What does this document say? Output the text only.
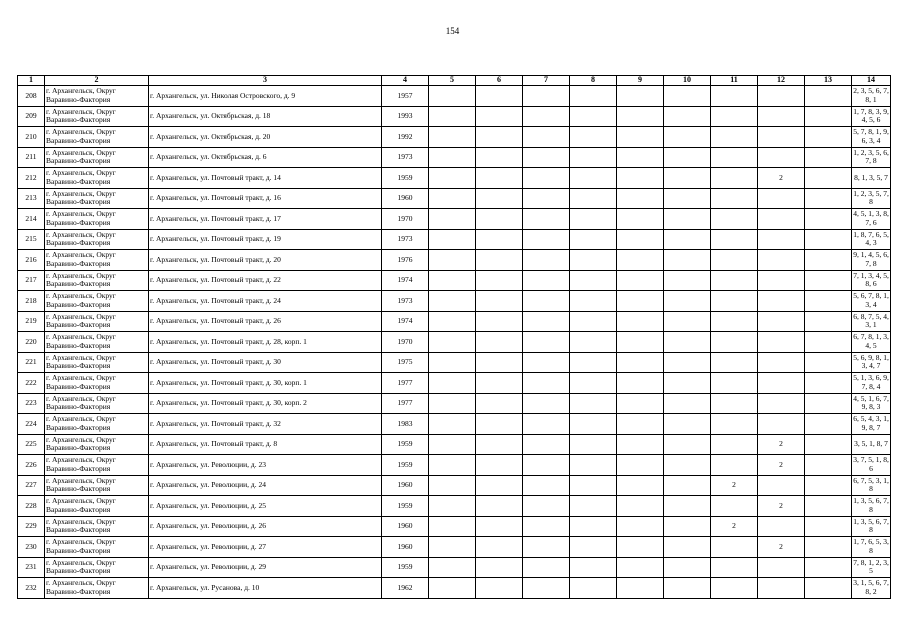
154
1	2	3	4	5	6	7	8	9	10	11	12	13	14
208	г. Архангельск, Округ Варавино-Фактория	г. Архангельск, ул. Николая Островского, д. 9	1957										2, 3, 5, 6, 7, 8, 1
209	г. Архангельск, Округ Варавино-Фактория	г. Архангельск, ул. Октябрьская, д. 18	1993										1, 7, 8, 3, 9, 4, 5, 6
210	г. Архангельск, Округ Варавино-Фактория	г. Архангельск, ул. Октябрьская, д. 20	1992										5, 7, 8, 1, 9, 6, 3, 4
211	г. Архангельск, Округ Варавино-Фактория	г. Архангельск, ул. Октябрьская, д. 6	1973										1, 2, 3, 5, 6, 7, 8
212	г. Архангельск, Округ Варавино-Фактория	г. Архангельск, ул. Почтовый тракт, д. 14	1959								2		8, 1, 3, 5, 7
213	г. Архангельск, Округ Варавино-Фактория	г. Архангельск, ул. Почтовый тракт, д. 16	1960										1, 2, 3, 5, 7, 8
214	г. Архангельск, Округ Варавино-Фактория	г. Архангельск, ул. Почтовый тракт, д. 17	1970										4, 5, 1, 3, 8, 7, 6
215	г. Архангельск, Округ Варавино-Фактория	г. Архангельск, ул. Почтовый тракт, д. 19	1973										1, 8, 7, 6, 5, 4, 3
216	г. Архангельск, Округ Варавино-Фактория	г. Архангельск, ул. Почтовый тракт, д. 20	1976										9, 1, 4, 5, 6, 7, 8
217	г. Архангельск, Округ Варавино-Фактория	г. Архангельск, ул. Почтовый тракт, д. 22	1974										7, 1, 3, 4, 5, 8, 6
218	г. Архангельск, Округ Варавино-Фактория	г. Архангельск, ул. Почтовый тракт, д. 24	1973										5, 6, 7, 8, 1, 3, 4
219	г. Архангельск, Округ Варавино-Фактория	г. Архангельск, ул. Почтовый тракт, д. 26	1974										6, 8, 7, 5, 4, 3, 1
220	г. Архангельск, Округ Варавино-Фактория	г. Архангельск, ул. Почтовый тракт, д. 28, корп. 1	1970										6, 7, 8, 1, 3, 4, 5
221	г. Архангельск, Округ Варавино-Фактория	г. Архангельск, ул. Почтовый тракт, д. 30	1975										5, 6, 9, 8, 1, 3, 4, 7
222	г. Архангельск, Округ Варавино-Фактория	г. Архангельск, ул. Почтовый тракт, д. 30, корп. 1	1977										5, 1, 3, 6, 9, 7, 8, 4
223	г. Архангельск, Округ Варавино-Фактория	г. Архангельск, ул. Почтовый тракт, д. 30, корп. 2	1977										4, 5, 1, 6, 7, 9, 8, 3
224	г. Архангельск, Округ Варавино-Фактория	г. Архангельск, ул. Почтовый тракт, д. 32	1983										6, 5, 4, 3, 1, 9, 8, 7
225	г. Архангельск, Округ Варавино-Фактория	г. Архангельск, ул. Почтовый тракт, д. 8	1959								2		3, 5, 1, 8, 7
226	г. Архангельск, Округ Варавино-Фактория	г. Архангельск, ул. Революции, д. 23	1959								2		3, 7, 5, 1, 8, 6
227	г. Архангельск, Округ Варавино-Фактория	г. Архангельск, ул. Революции, д. 24	1960							2			6, 7, 5, 3, 1, 8
228	г. Архангельск, Округ Варавино-Фактория	г. Архангельск, ул. Революции, д. 25	1959								2		1, 3, 5, 6, 7, 8
229	г. Архангельск, Округ Варавино-Фактория	г. Архангельск, ул. Революции, д. 26	1960							2			1, 3, 5, 6, 7, 8
230	г. Архангельск, Округ Варавино-Фактория	г. Архангельск, ул. Революции, д. 27	1960								2		1, 7, 6, 5, 3, 8
231	г. Архангельск, Округ Варавино-Фактория	г. Архангельск, ул. Революции, д. 29	1959										7, 8, 1, 2, 3, 5
232	г. Архангельск, Округ Варавино-Фактория	г. Архангельск, ул. Русанова, д. 10	1962										3, 1, 5, 6, 7, 8, 2
